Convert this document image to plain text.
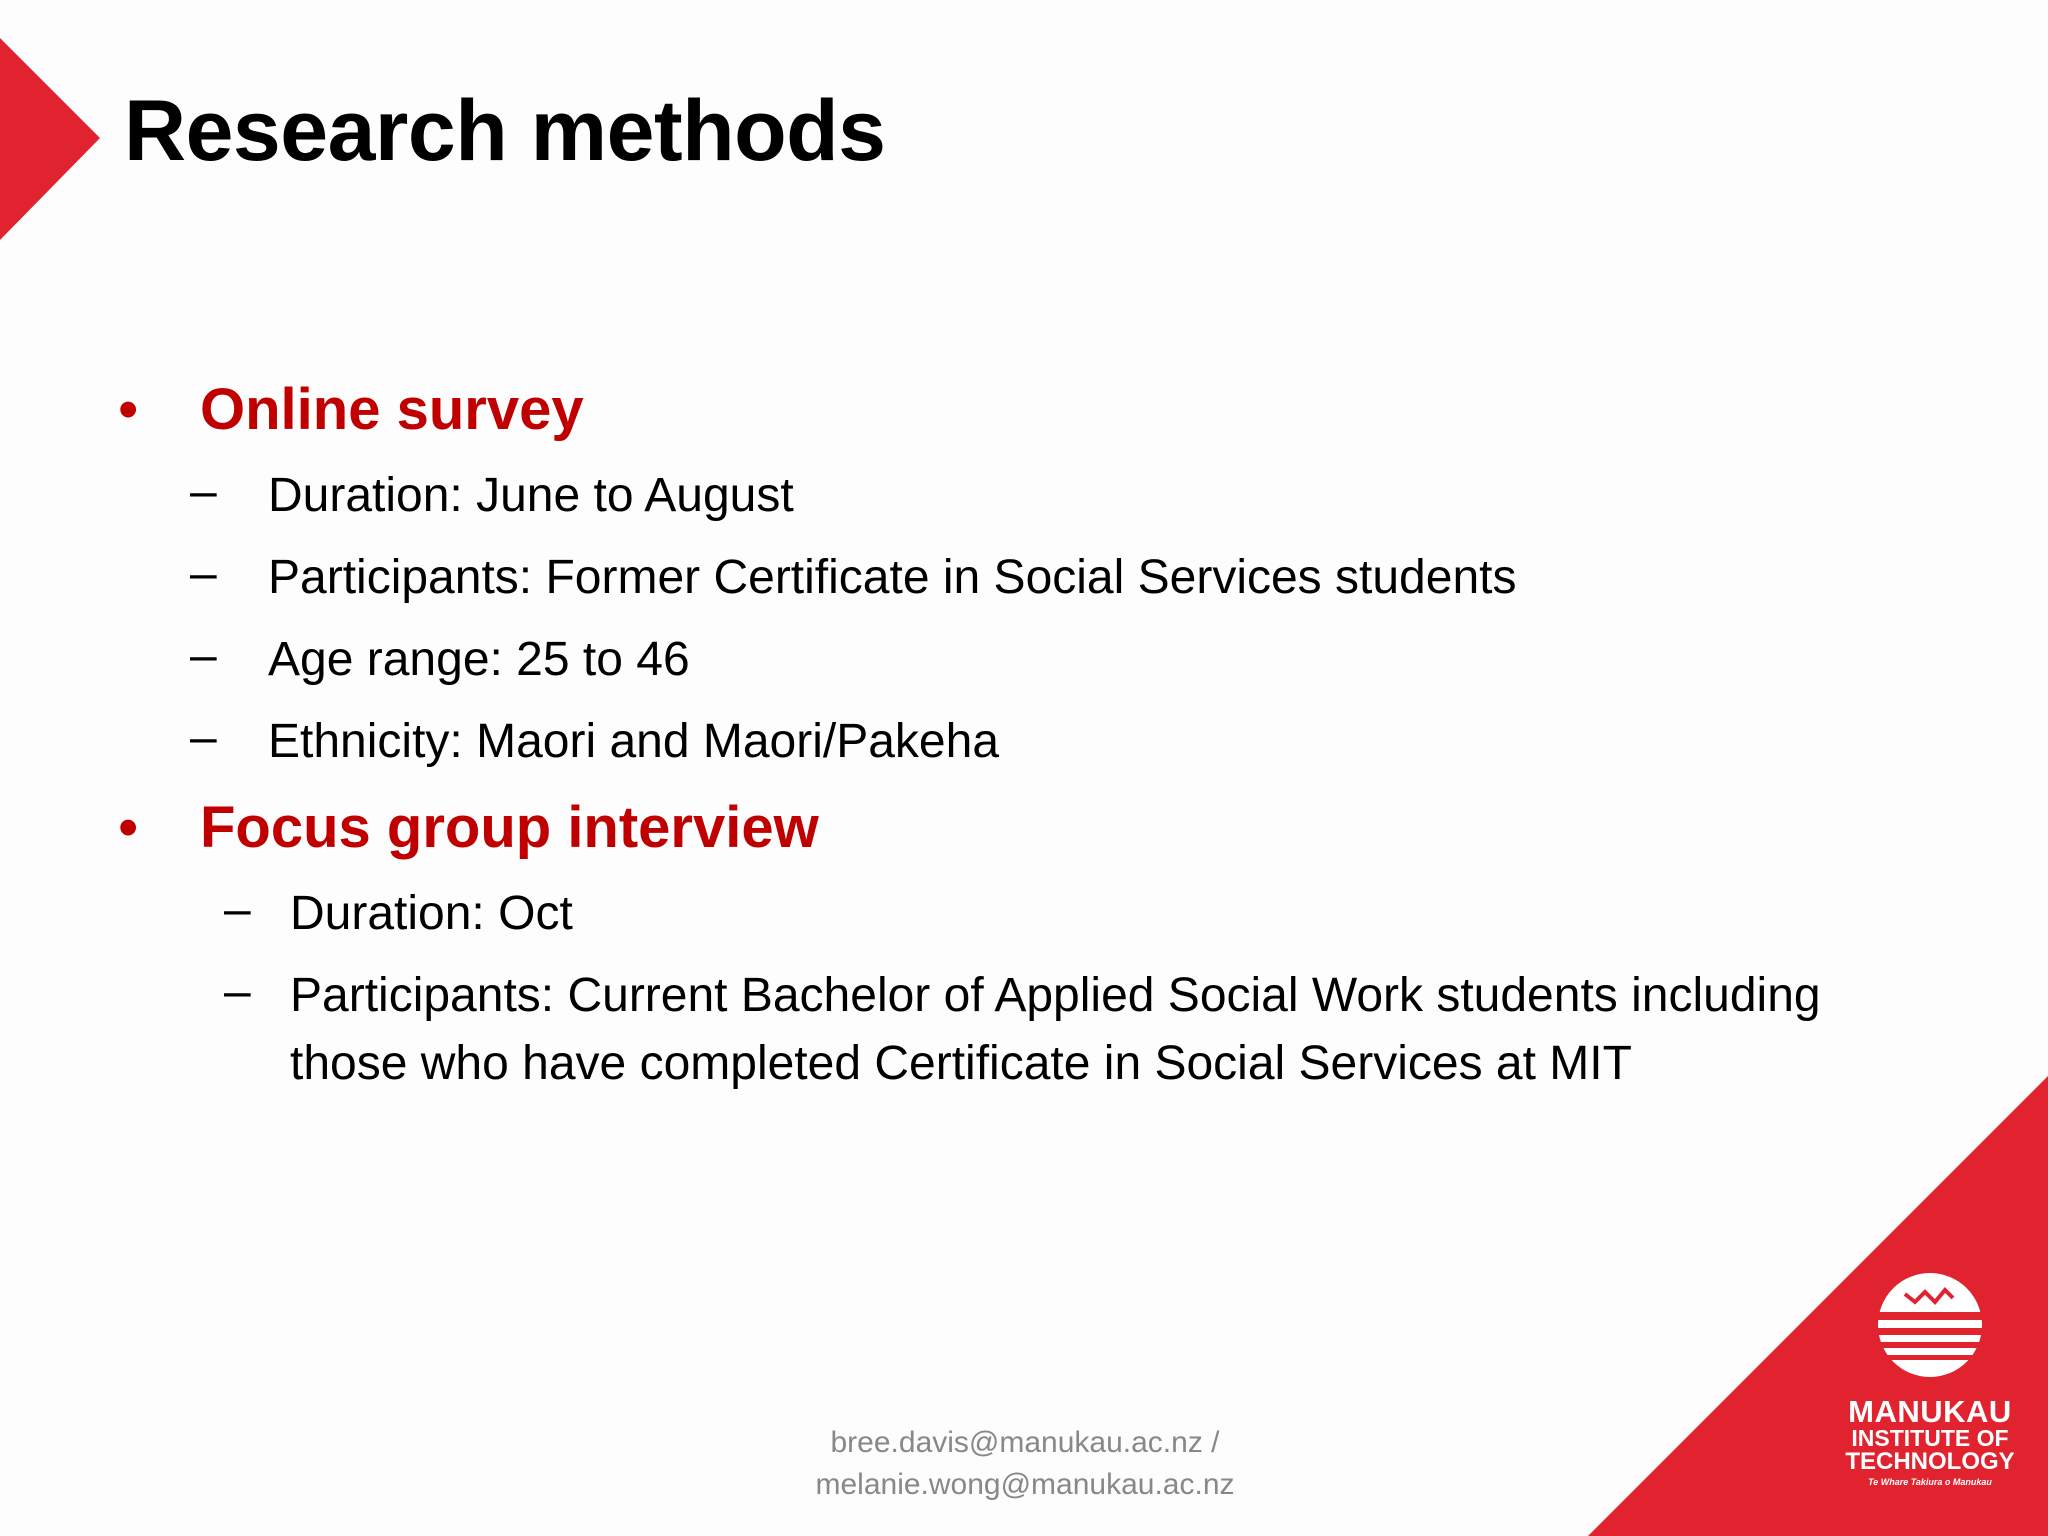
Research methods
• Online survey
– Duration: June to August
– Participants: Former Certificate in Social Services students
– Age range: 25 to 46
– Ethnicity: Maori and Maori/Pakeha
• Focus group interview
– Duration: Oct
– Participants: Current Bachelor of Applied Social Work students including those who have completed Certificate in Social Services at MIT
MANUKAU
INSTITUTE OF
TECHNOLOGY
Te Whare Takiura o Manukau
bree.davis@manukau.ac.nz /
melanie.wong@manukau.ac.nz
